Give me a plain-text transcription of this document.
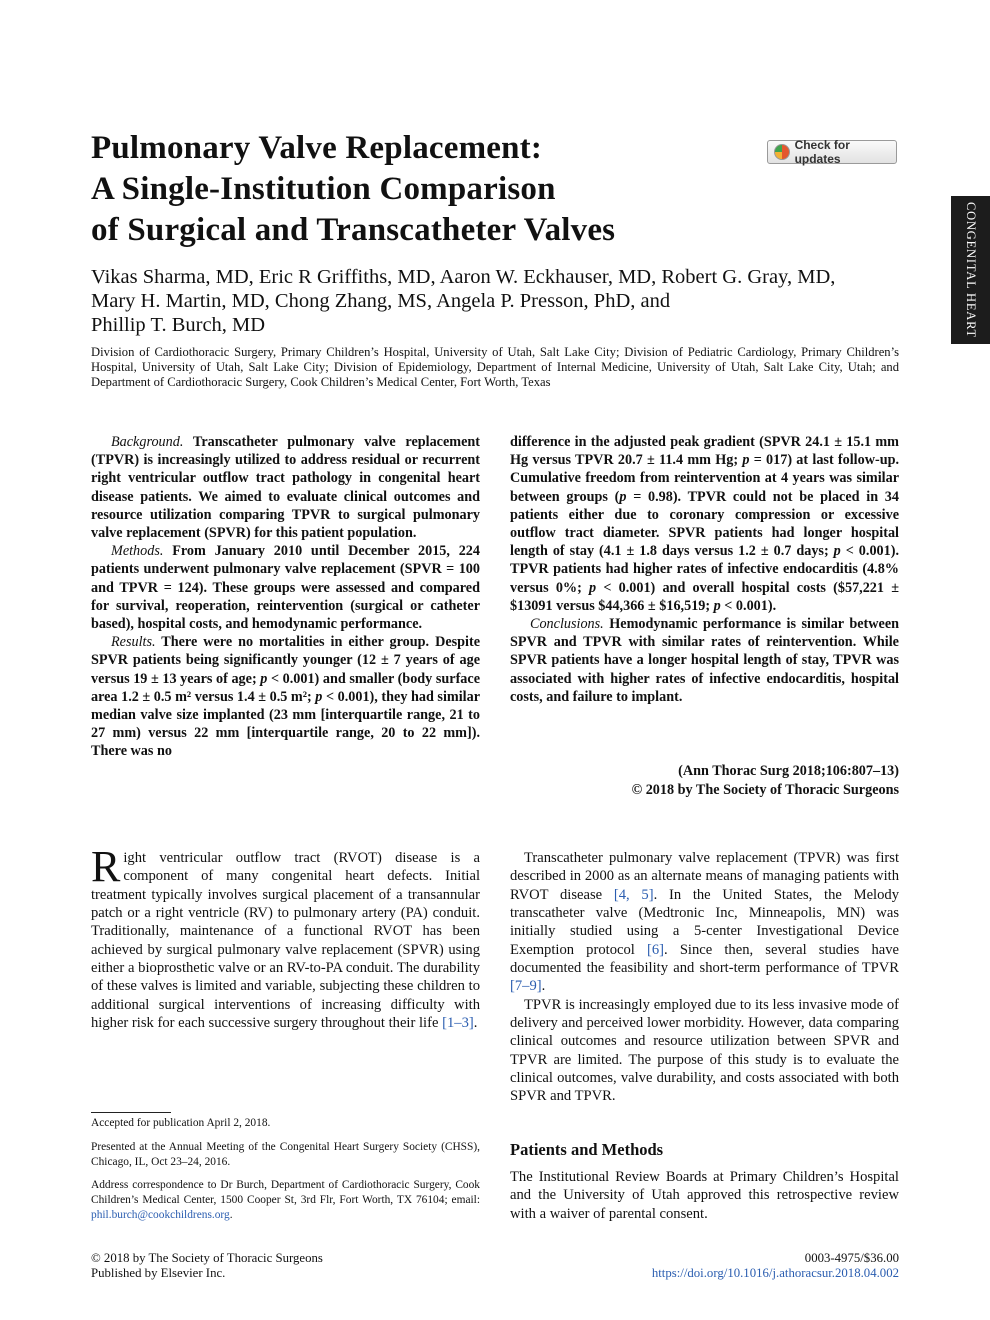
Pulmonary Valve Replacement:
A Single-Institution Comparison
of Surgical and Transcatheter Valves
Check for updates
CONGENITAL HEART
Vikas Sharma, MD, Eric R Griffiths, MD, Aaron W. Eckhauser, MD, Robert G. Gray, MD,
Mary H. Martin, MD, Chong Zhang, MS, Angela P. Presson, PhD, and
Phillip T. Burch, MD
Division of Cardiothoracic Surgery, Primary Children’s Hospital, University of Utah, Salt Lake City; Division of Pediatric Cardiology, Primary Children’s Hospital, University of Utah, Salt Lake City; Division of Epidemiology, Department of Internal Medicine, University of Utah, Salt Lake City, Utah; and Department of Cardiothoracic Surgery, Cook Children’s Medical Center, Fort Worth, Texas

Background. Transcatheter pulmonary valve replacement (TPVR) is increasingly utilized to address residual or recurrent right ventricular outflow tract pathology in congenital heart disease patients. We aimed to evaluate clinical outcomes and resource utilization comparing TPVR to surgical pulmonary valve replacement (SPVR) for this patient population.

Methods. From January 2010 until December 2015, 224 patients underwent pulmonary valve replacement (SPVR = 100 and TPVR = 124). These groups were assessed and compared for survival, reoperation, reintervention (surgical or catheter based), hospital costs, and hemodynamic performance.

Results. There were no mortalities in either group. Despite SPVR patients being significantly younger (12 ± 7 years of age versus 19 ± 13 years of age; p < 0.001) and smaller (body surface area 1.2 ± 0.5 m² versus 1.4 ± 0.5 m²; p < 0.001), they had similar median valve size implanted (23 mm [interquartile range, 21 to 27 mm) versus 22 mm [interquartile range, 20 to 22 mm]). There was no

difference in the adjusted peak gradient (SPVR 24.1 ± 15.1 mm Hg versus TPVR 20.7 ± 11.4 mm Hg; p = 017) at last follow-up. Cumulative freedom from reintervention at 4 years was similar between groups (p = 0.98). TPVR could not be placed in 34 patients either due to coronary compression or excessive outflow tract diameter. SPVR patients had longer hospital length of stay (4.1 ± 1.8 days versus 1.2 ± 0.7 days; p < 0.001). TPVR patients had higher rates of infective endocarditis (4.8% versus 0%; p < 0.001) and overall hospital costs ($57,221 ± $13091 versus $44,366 ± $16,519; p < 0.001).

Conclusions. Hemodynamic performance is similar between SPVR and TPVR with similar rates of reintervention. While SPVR patients have a longer hospital length of stay, TPVR was associated with higher rates of infective endocarditis, hospital costs, and failure to implant.

(Ann Thorac Surg 2018;106:807–13)
© 2018 by The Society of Thoracic Surgeons

Right ventricular outflow tract (RVOT) disease is a component of many congenital heart defects. Initial treatment typically involves surgical placement of a transannular patch or a right ventricle (RV) to pulmonary artery (PA) conduit. Traditionally, maintenance of a functional RVOT has been achieved by surgical pulmonary valve replacement (SPVR) using either a bioprosthetic valve or an RV-to-PA conduit. The durability of these valves is limited and variable, subjecting these children to additional surgical interventions of increasing difficulty with higher risk for each successive surgery throughout their life [1–3].

Transcatheter pulmonary valve replacement (TPVR) was first described in 2000 as an alternate means of managing patients with RVOT disease [4, 5]. In the United States, the Melody transcatheter valve (Medtronic Inc, Minneapolis, MN) was initially studied using a 5-center Investigational Device Exemption protocol [6]. Since then, several studies have documented the feasibility and short-term performance of TPVR [7–9].

TPVR is increasingly employed due to its less invasive mode of delivery and perceived lower morbidity. However, data comparing clinical outcomes and resource utilization between SPVR and TPVR are limited. The purpose of this study is to evaluate the clinical outcomes, valve durability, and costs associated with both SPVR and TPVR.

Patients and Methods

The Institutional Review Boards at Primary Children’s Hospital and the University of Utah approved this retrospective review with a waiver of parental consent.

Accepted for publication April 2, 2018.
Presented at the Annual Meeting of the Congenital Heart Surgery Society (CHSS), Chicago, IL, Oct 23–24, 2016.
Address correspondence to Dr Burch, Department of Cardiothoracic Surgery, Cook Children’s Medical Center, 1500 Cooper St, 3rd Flr, Fort Worth, TX 76104; email: phil.burch@cookchildrens.org.
© 2018 by The Society of Thoracic Surgeons
Published by Elsevier Inc.
0003-4975/$36.00
https://doi.org/10.1016/j.athoracsur.2018.04.002
